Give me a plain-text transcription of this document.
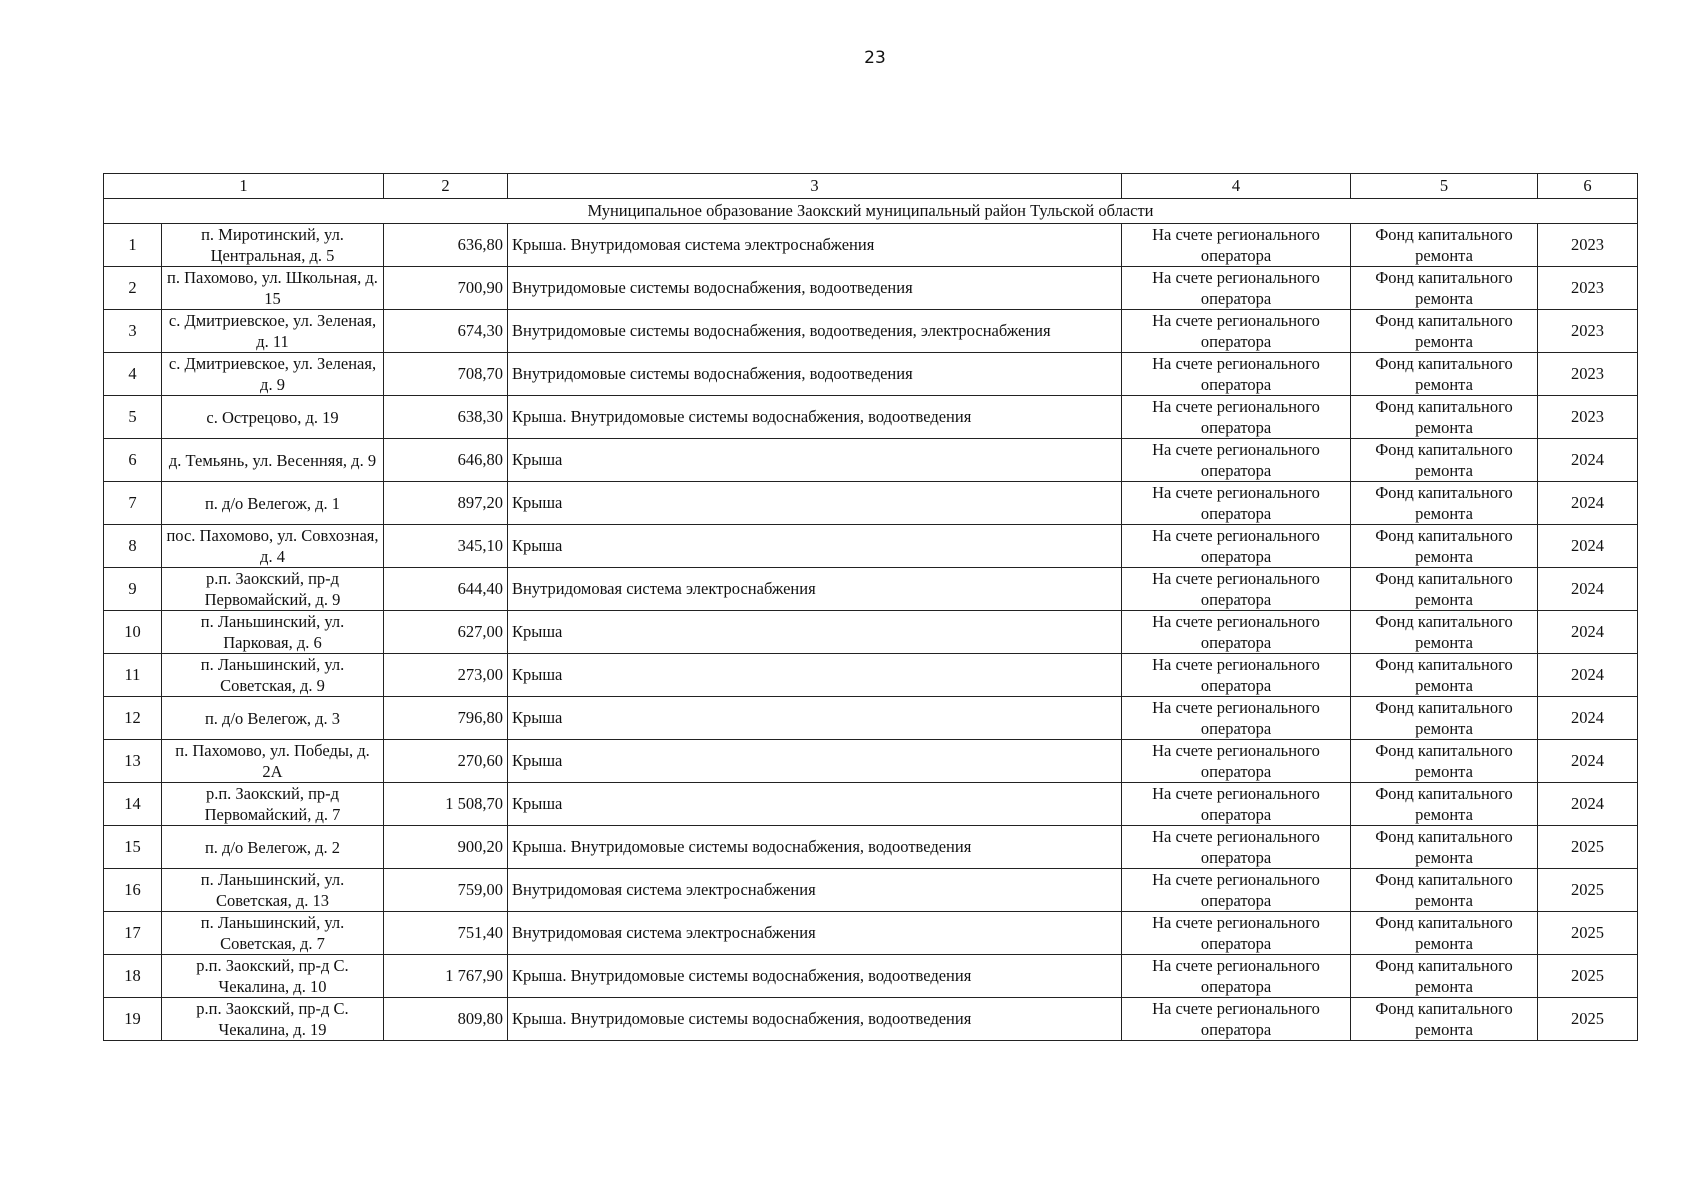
23
1		2	3	4	5	6
Муниципальное образование Заокский муниципальный район Тульской области						
1	п. Миротинский, ул. Центральная, д. 5	636,80	Крыша. Внутридомовая система электроснабжения	На счете регионального оператора	Фонд капитального ремонта	2023
2	п. Пахомово, ул. Школьная, д. 15	700,90	Внутридомовые системы водоснабжения, водоотведения	На счете регионального оператора	Фонд капитального ремонта	2023
3	с. Дмитриевское, ул. Зеленая, д. 11	674,30	Внутридомовые системы водоснабжения, водоотведения, электроснабжения	На счете регионального оператора	Фонд капитального ремонта	2023
4	с. Дмитриевское, ул. Зеленая, д. 9	708,70	Внутридомовые системы водоснабжения, водоотведения	На счете регионального оператора	Фонд капитального ремонта	2023
5	с. Острецово, д. 19	638,30	Крыша. Внутридомовые системы водоснабжения, водоотведения	На счете регионального оператора	Фонд капитального ремонта	2023
6	д. Темьянь, ул. Весенняя, д. 9	646,80	Крыша	На счете регионального оператора	Фонд капитального ремонта	2024
7	п. д/о Велегож, д. 1	897,20	Крыша	На счете регионального оператора	Фонд капитального ремонта	2024
8	пос. Пахомово, ул. Совхозная, д. 4	345,10	Крыша	На счете регионального оператора	Фонд капитального ремонта	2024
9	р.п. Заокский, пр-д Первомайский, д. 9	644,40	Внутридомовая система электроснабжения	На счете регионального оператора	Фонд капитального ремонта	2024
10	п. Ланьшинский, ул. Парковая, д. 6	627,00	Крыша	На счете регионального оператора	Фонд капитального ремонта	2024
11	п. Ланьшинский, ул. Советская, д. 9	273,00	Крыша	На счете регионального оператора	Фонд капитального ремонта	2024
12	п. д/о Велегож, д. 3	796,80	Крыша	На счете регионального оператора	Фонд капитального ремонта	2024
13	п. Пахомово, ул. Победы, д. 2А	270,60	Крыша	На счете регионального оператора	Фонд капитального ремонта	2024
14	р.п. Заокский, пр-д Первомайский, д. 7	1 508,70	Крыша	На счете регионального оператора	Фонд капитального ремонта	2024
15	п. д/о Велегож, д. 2	900,20	Крыша. Внутридомовые системы водоснабжения, водоотведения	На счете регионального оператора	Фонд капитального ремонта	2025
16	п. Ланьшинский, ул. Советская, д. 13	759,00	Внутридомовая система электроснабжения	На счете регионального оператора	Фонд капитального ремонта	2025
17	п. Ланьшинский, ул. Советская, д. 7	751,40	Внутридомовая система электроснабжения	На счете регионального оператора	Фонд капитального ремонта	2025
18	р.п. Заокский, пр-д С. Чекалина, д. 10	1 767,90	Крыша. Внутридомовые системы водоснабжения, водоотведения	На счете регионального оператора	Фонд капитального ремонта	2025
19	р.п. Заокский, пр-д С. Чекалина, д. 19	809,80	Крыша. Внутридомовые системы водоснабжения, водоотведения	На счете регионального оператора	Фонд капитального ремонта	2025
